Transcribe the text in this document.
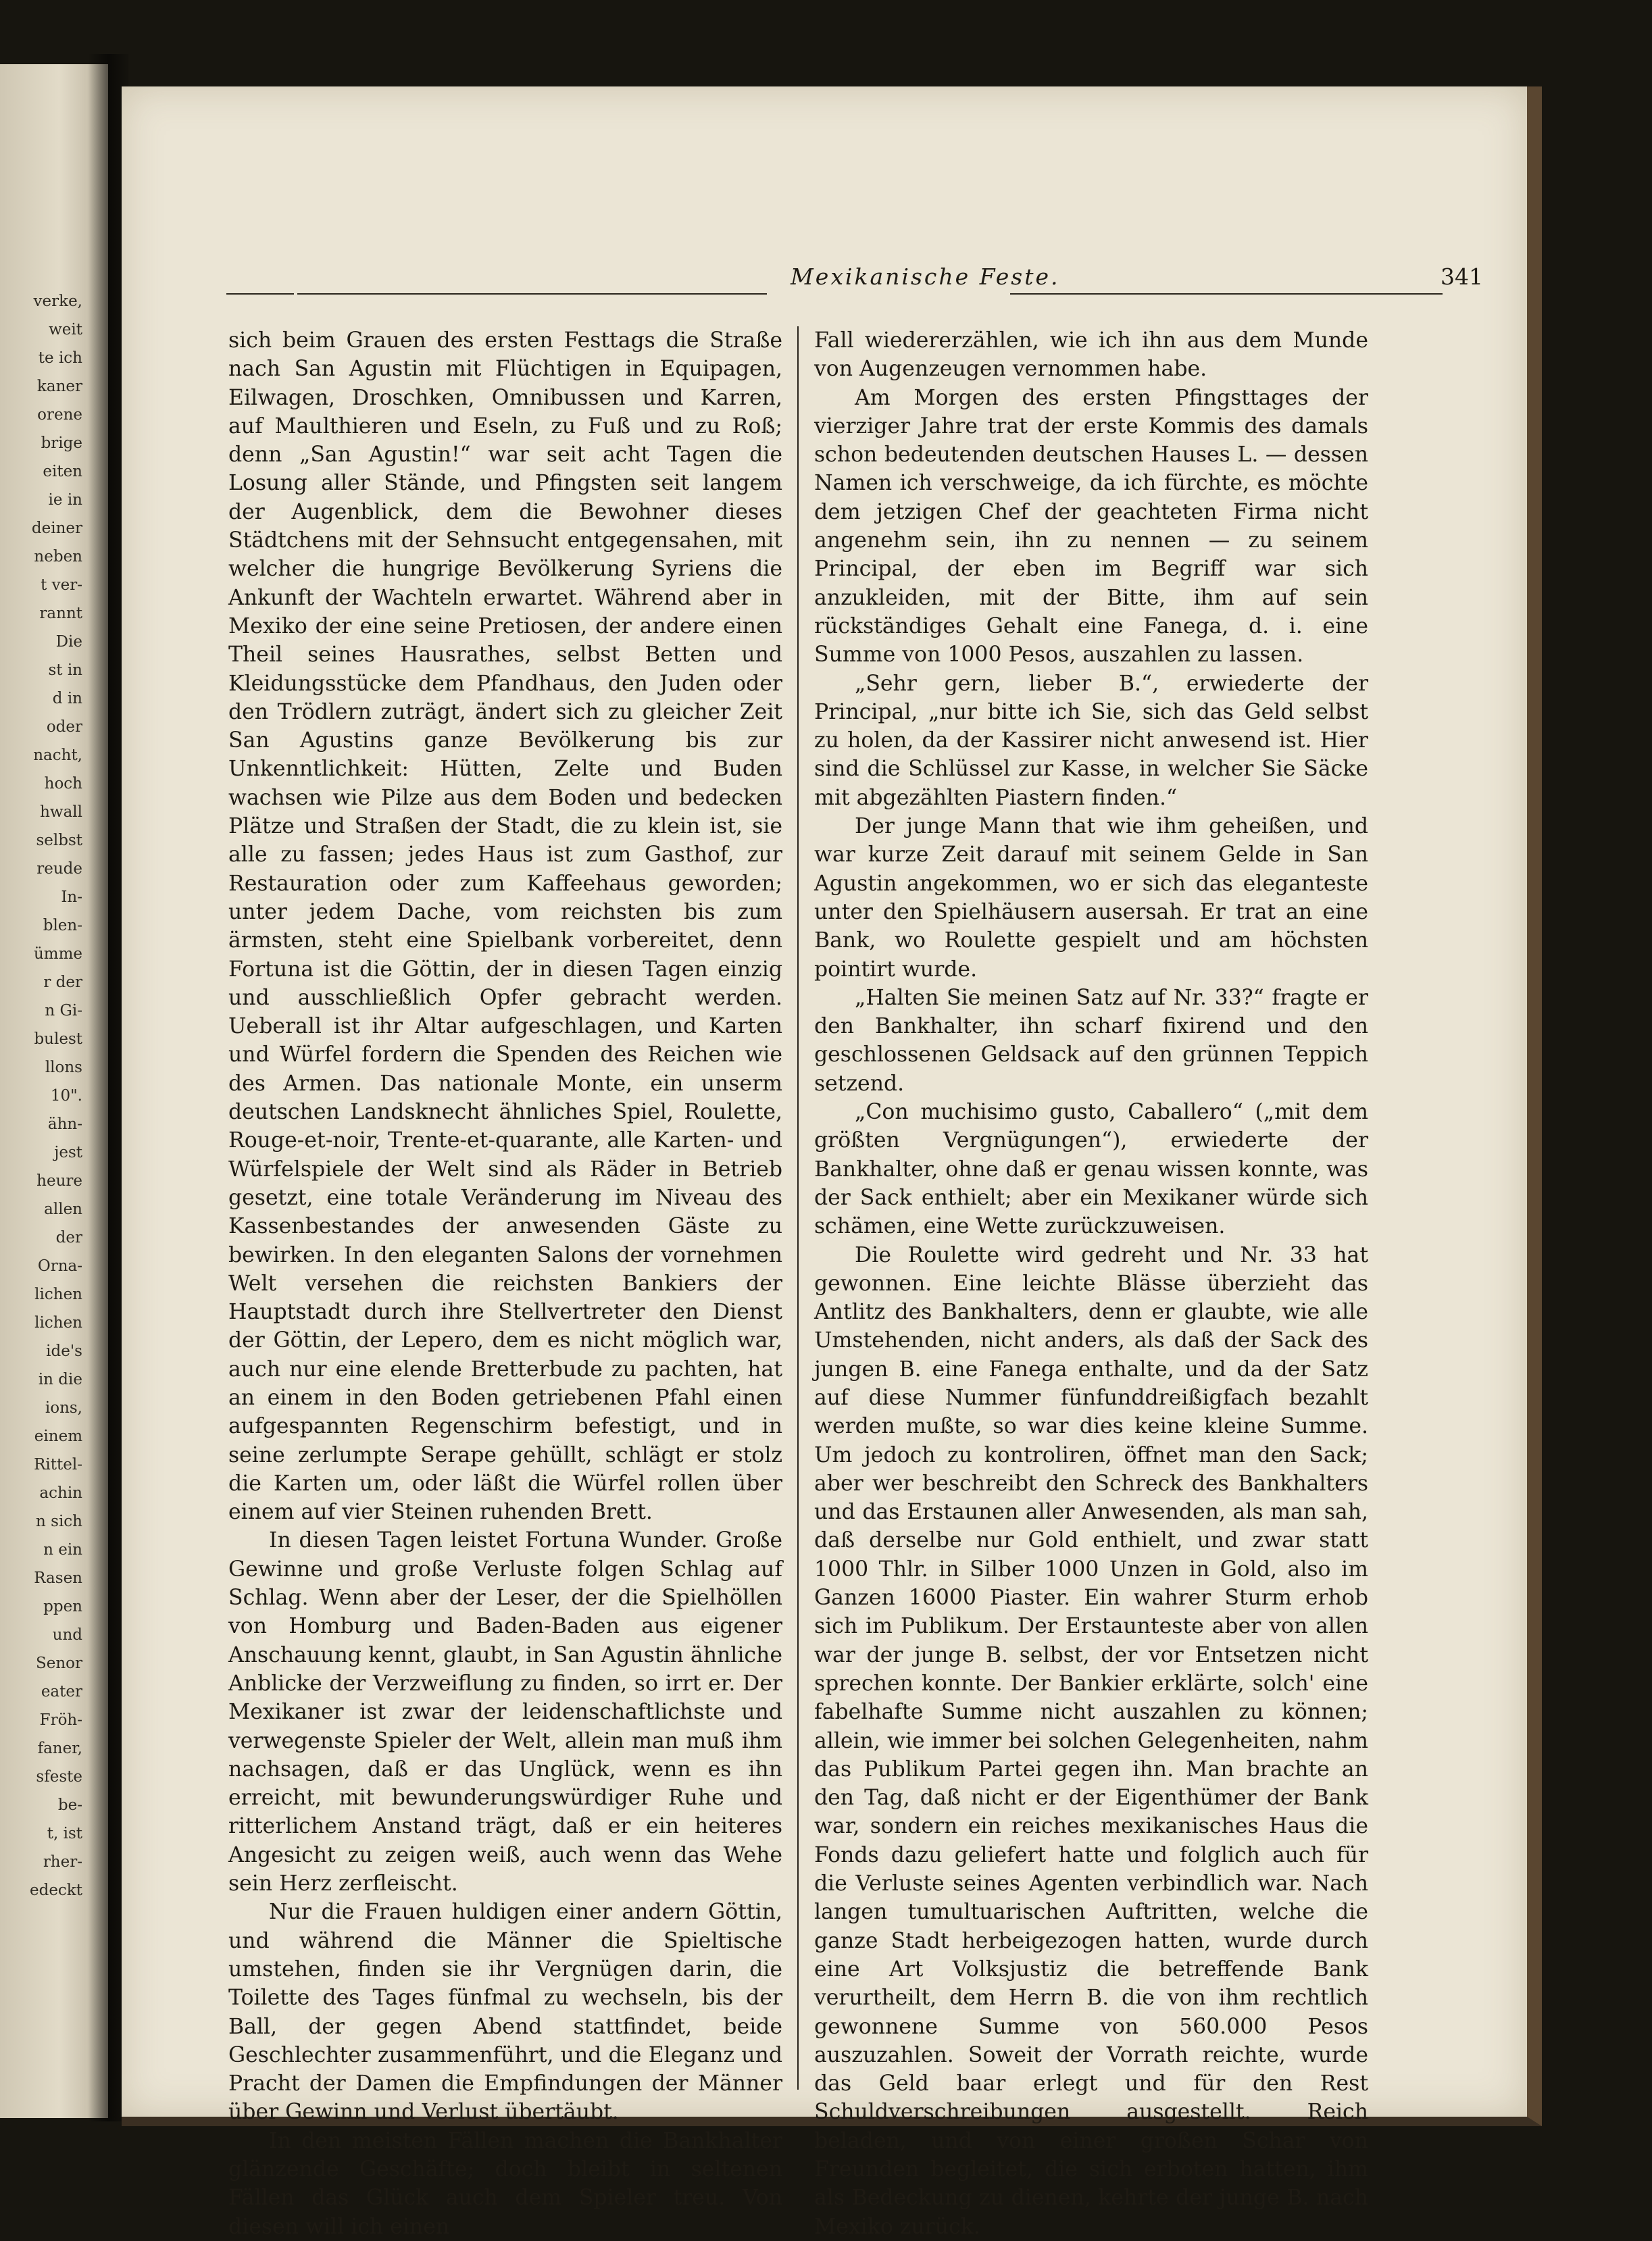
verke,
weit
te ich
kaner
orene
brige
eiten
ie in
deiner
neben
t ver-
rannt
Die
st in
d in
oder
nacht,
hoch
hwall
selbst
reude
In-
blen-
ümme
r der
n Gi-
bulest
llons
10".
ähn-
jest
heure
allen
der
Orna-
lichen
lichen
ide's
in die
ions,
einem
Rittel-
achin
n sich
n ein
Rasen
ppen
und
Senor
eater
Fröh-
faner,
sfeste
be-
t, ist
rher-
edeckt
Mexikanische Feste.	341

sich beim Grauen des ersten Festtags die Straße nach San Agustin mit Flüchtigen in Equipagen, Eilwagen, Droschken, Omnibussen und Karren, auf Maulthieren und Eseln, zu Fuß und zu Roß; denn „San Agustin!“ war seit acht Tagen die Losung aller Stände, und Pfingsten seit langem der Augenblick, dem die Bewohner dieses Städtchens mit der Sehnsucht entgegensahen, mit welcher die hungrige Bevölkerung Syriens die Ankunft der Wachteln erwartet. Während aber in Mexiko der eine seine Pretiosen, der andere einen Theil seines Hausrathes, selbst Betten und Kleidungsstücke dem Pfandhaus, den Juden oder den Trödlern zuträgt, ändert sich zu gleicher Zeit San Agustins ganze Bevölkerung bis zur Unkenntlichkeit: Hütten, Zelte und Buden wachsen wie Pilze aus dem Boden und bedecken Plätze und Straßen der Stadt, die zu klein ist, sie alle zu fassen; jedes Haus ist zum Gasthof, zur Restauration oder zum Kaffeehaus geworden; unter jedem Dache, vom reichsten bis zum ärmsten, steht eine Spielbank vorbereitet, denn Fortuna ist die Göttin, der in diesen Tagen einzig und ausschließlich Opfer gebracht werden. Ueberall ist ihr Altar aufgeschlagen, und Karten und Würfel fordern die Spenden des Reichen wie des Armen. Das nationale Monte, ein unserm deutschen Landsknecht ähnliches Spiel, Roulette, Rouge-et-noir, Trente-et-quarante, alle Karten- und Würfelspiele der Welt sind als Räder in Betrieb gesetzt, eine totale Veränderung im Niveau des Kassenbestandes der anwesenden Gäste zu bewirken. In den eleganten Salons der vornehmen Welt versehen die reichsten Bankiers der Hauptstadt durch ihre Stellvertreter den Dienst der Göttin, der Lepero, dem es nicht möglich war, auch nur eine elende Bretterbude zu pachten, hat an einem in den Boden getriebenen Pfahl einen aufgespannten Regenschirm befestigt, und in seine zerlumpte Serape gehüllt, schlägt er stolz die Karten um, oder läßt die Würfel rollen über einem auf vier Steinen ruhenden Brett.

In diesen Tagen leistet Fortuna Wunder. Große Gewinne und große Verluste folgen Schlag auf Schlag. Wenn aber der Leser, der die Spielhöllen von Homburg und Baden-Baden aus eigener Anschauung kennt, glaubt, in San Agustin ähnliche Anblicke der Verzweiflung zu finden, so irrt er. Der Mexikaner ist zwar der leidenschaftlichste und verwegenste Spieler der Welt, allein man muß ihm nachsagen, daß er das Unglück, wenn es ihn erreicht, mit bewunderungswürdiger Ruhe und ritterlichem Anstand trägt, daß er ein heiteres Angesicht zu zeigen weiß, auch wenn das Wehe sein Herz zerfleischt.

Nur die Frauen huldigen einer andern Göttin, und während die Männer die Spieltische umstehen, finden sie ihr Vergnügen darin, die Toilette des Tages fünfmal zu wechseln, bis der Ball, der gegen Abend stattfindet, beide Geschlechter zusammenführt, und die Eleganz und Pracht der Damen die Empfindungen der Männer über Gewinn und Verlust übertäubt.

In den meisten Fällen machen die Bankhalter glänzende Geschäfte; doch bleibt in seltenen Fällen das Glück auch dem Spieler treu. Von diesen will ich einen

Fall wiedererzählen, wie ich ihn aus dem Munde von Augenzeugen vernommen habe.

Am Morgen des ersten Pfingsttages der vierziger Jahre trat der erste Kommis des damals schon bedeutenden deutschen Hauses L. — dessen Namen ich verschweige, da ich fürchte, es möchte dem jetzigen Chef der geachteten Firma nicht angenehm sein, ihn zu nennen — zu seinem Principal, der eben im Begriff war sich anzukleiden, mit der Bitte, ihm auf sein rückständiges Gehalt eine Fanega, d. i. eine Summe von 1000 Pesos, auszahlen zu lassen.

„Sehr gern, lieber B.“, erwiederte der Principal, „nur bitte ich Sie, sich das Geld selbst zu holen, da der Kassirer nicht anwesend ist. Hier sind die Schlüssel zur Kasse, in welcher Sie Säcke mit abgezählten Piastern finden.“

Der junge Mann that wie ihm geheißen, und war kurze Zeit darauf mit seinem Gelde in San Agustin angekommen, wo er sich das eleganteste unter den Spielhäusern ausersah. Er trat an eine Bank, wo Roulette gespielt und am höchsten pointirt wurde.

„Halten Sie meinen Satz auf Nr. 33?“ fragte er den Bankhalter, ihn scharf fixirend und den geschlossenen Geldsack auf den grünnen Teppich setzend.

„Con muchisimo gusto, Caballero“ („mit dem größten Vergnügungen“), erwiederte der Bankhalter, ohne daß er genau wissen konnte, was der Sack enthielt; aber ein Mexikaner würde sich schämen, eine Wette zurückzuweisen.

Die Roulette wird gedreht und Nr. 33 hat gewonnen. Eine leichte Blässe überzieht das Antlitz des Bankhalters, denn er glaubte, wie alle Umstehenden, nicht anders, als daß der Sack des jungen B. eine Fanega enthalte, und da der Satz auf diese Nummer fünfunddreißigfach bezahlt werden mußte, so war dies keine kleine Summe. Um jedoch zu kontroliren, öffnet man den Sack; aber wer beschreibt den Schreck des Bankhalters und das Erstaunen aller Anwesenden, als man sah, daß derselbe nur Gold enthielt, und zwar statt 1000 Thlr. in Silber 1000 Unzen in Gold, also im Ganzen 16000 Piaster. Ein wahrer Sturm erhob sich im Publikum. Der Erstaunteste aber von allen war der junge B. selbst, der vor Entsetzen nicht sprechen konnte. Der Bankier erklärte, solch' eine fabelhafte Summe nicht auszahlen zu können; allein, wie immer bei solchen Gelegenheiten, nahm das Publikum Partei gegen ihn. Man brachte an den Tag, daß nicht er der Eigenthümer der Bank war, sondern ein reiches mexikanisches Haus die Fonds dazu geliefert hatte und folglich auch für die Verluste seines Agenten verbindlich war. Nach langen tumultuarischen Auftritten, welche die ganze Stadt herbeigezogen hatten, wurde durch eine Art Volksjustiz die betreffende Bank verurtheilt, dem Herrn B. die von ihm rechtlich gewonnene Summe von 560.000 Pesos auszuzahlen. Soweit der Vorrath reichte, wurde das Geld baar erlegt und für den Rest Schuldverschreibungen ausgestellt. Reich beladen, und von einer großen Schar von Freunden begleitet, die sich erboten hatten, ihm als Bedeckung zu dienen, kehrte der junge B. nach Mexiko zurück.
